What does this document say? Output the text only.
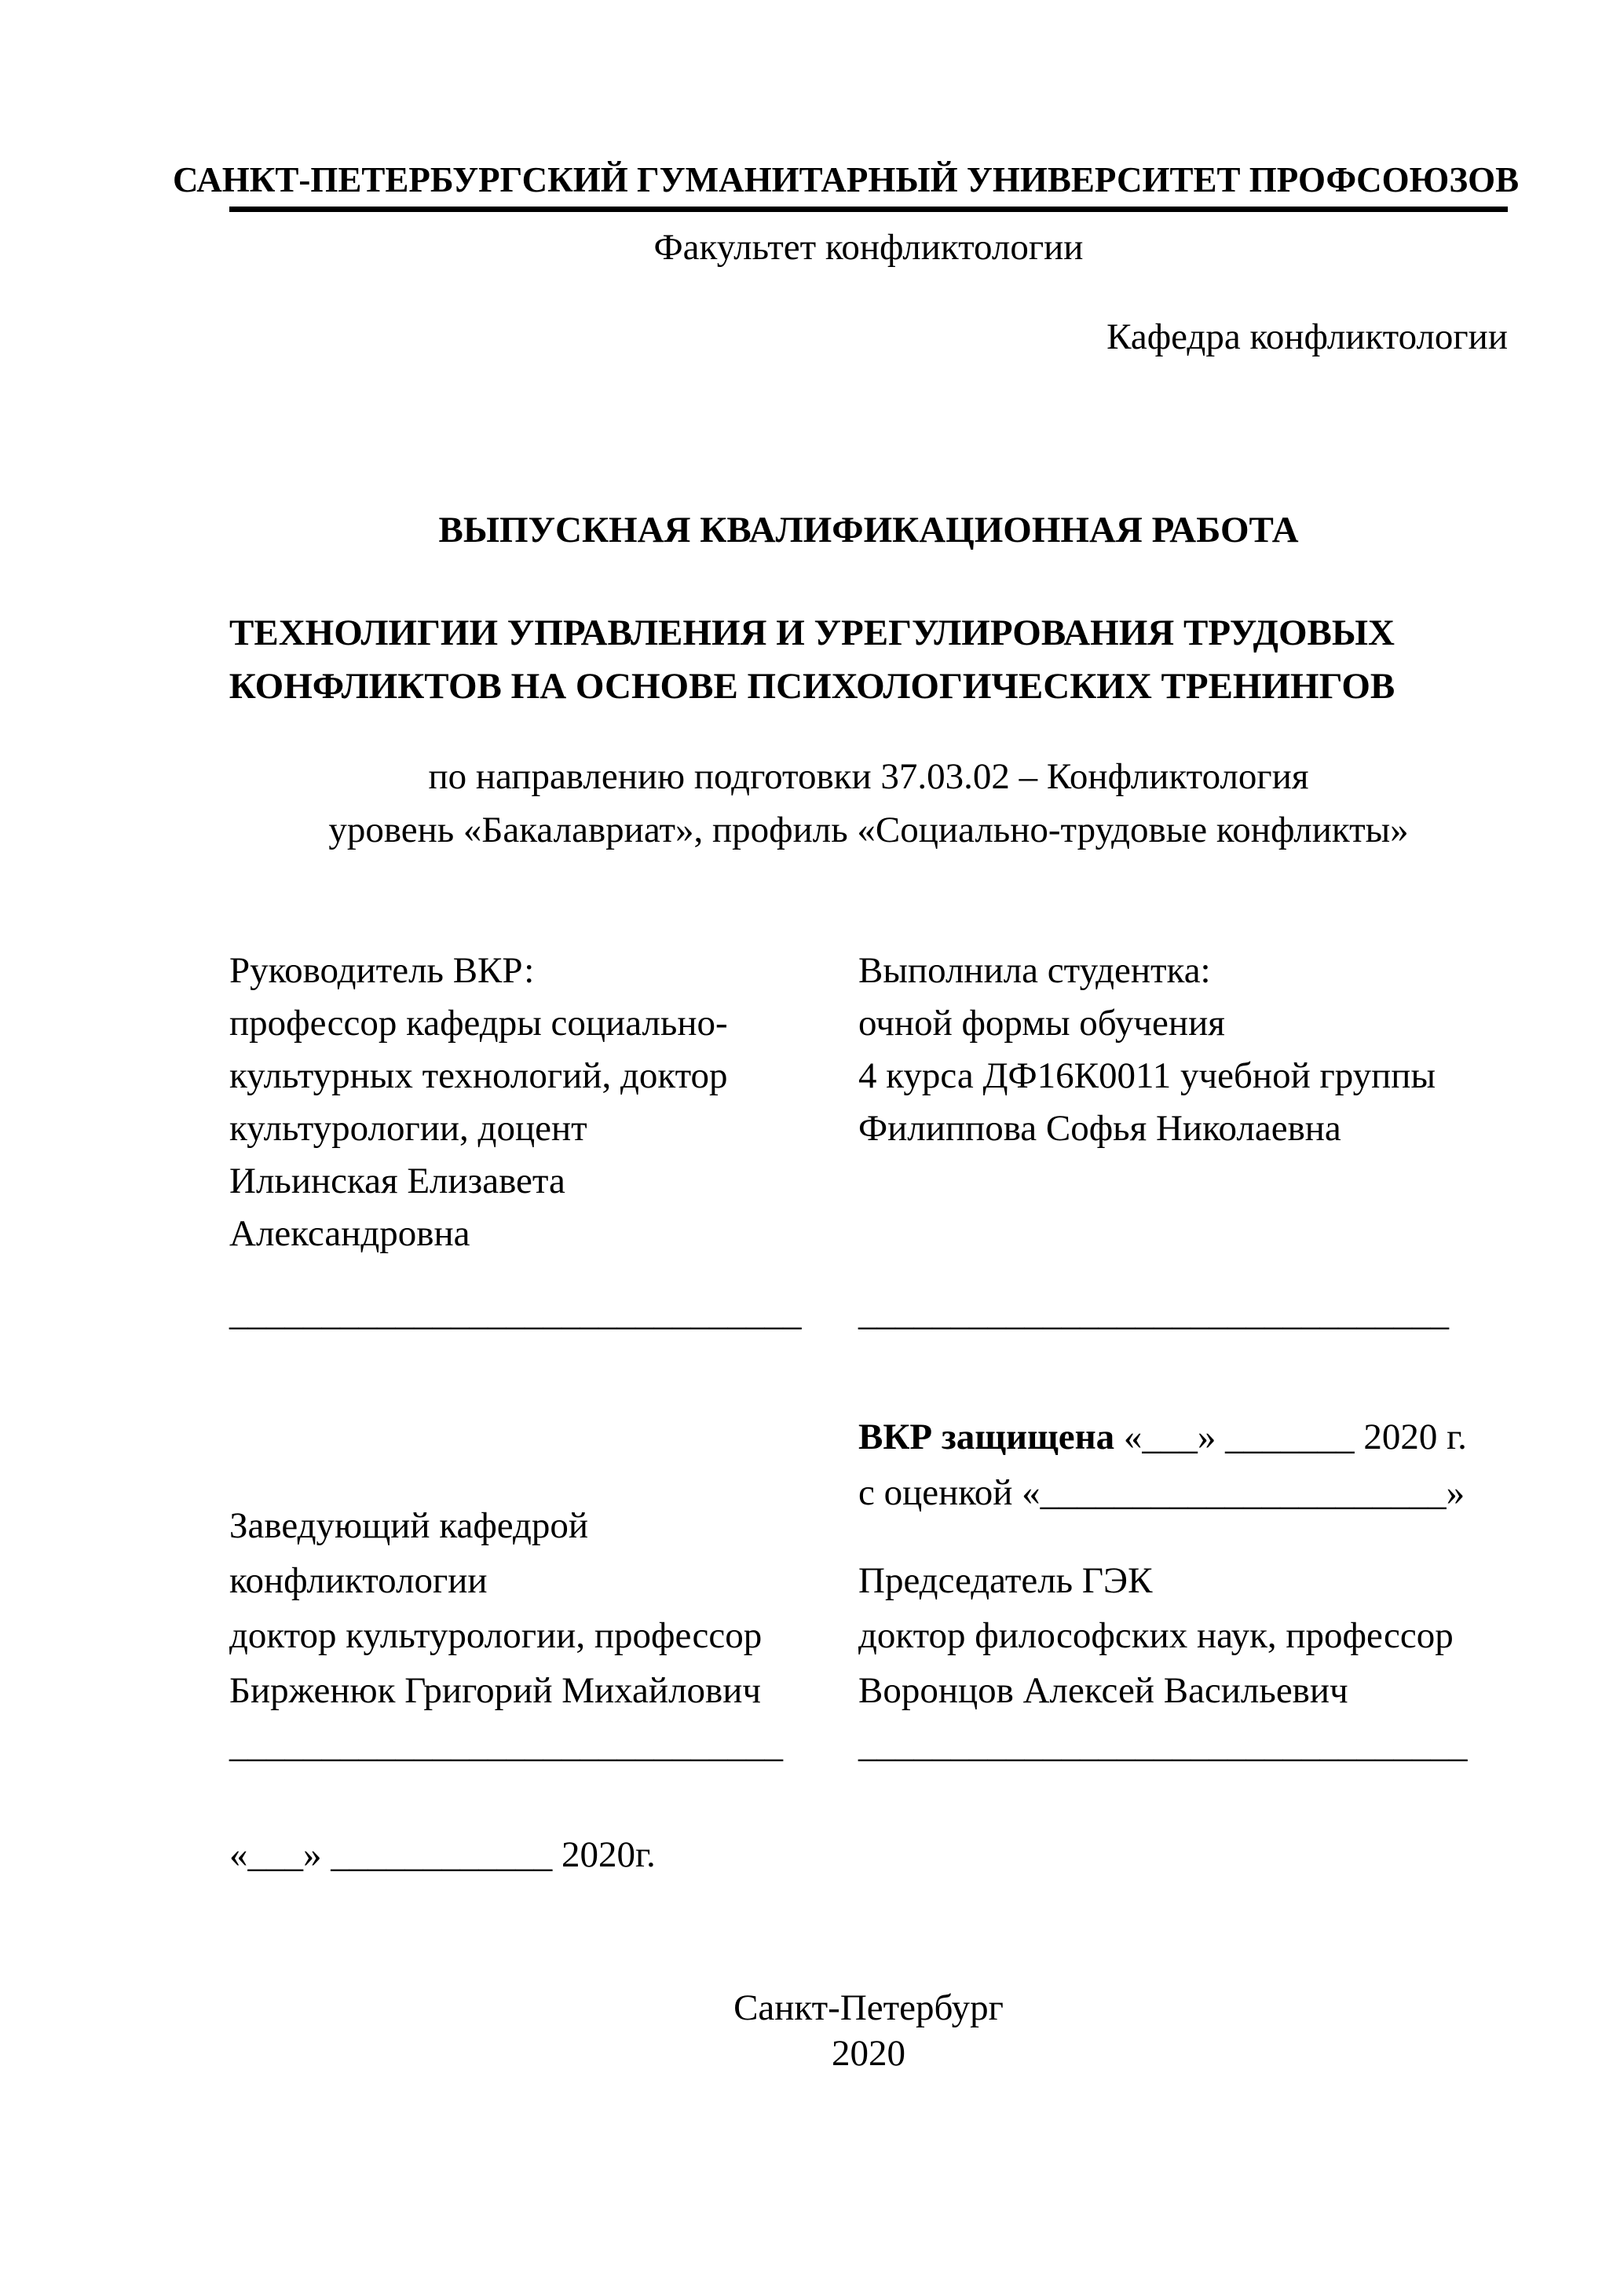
САНКТ-ПЕТЕРБУРГСКИЙ ГУМАНИТАРНЫЙ УНИВЕРСИТЕТ ПРОФСОЮЗОВ
Факультет конфликтологии
Кафедра конфликтологии
ВЫПУСКНАЯ КВАЛИФИКАЦИОННАЯ РАБОТА
ТЕХНОЛИГИИ УПРАВЛЕНИЯ И УРЕГУЛИРОВАНИЯ ТРУДОВЫХ
КОНФЛИКТОВ НА ОСНОВЕ ПСИХОЛОГИЧЕСКИХ ТРЕНИНГОВ
по направлению подготовки 37.03.02 – Конфликтология
уровень «Бакалавриат», профиль «Социально-трудовые конфликты»
Руководитель ВКР:
профессор кафедры социально-
культурных технологий, доктор
культурологии, доцент
Ильинская Елизавета
Александровна
Выполнила студентка:
очной формы обучения
4 курса ДФ16К0011 учебной группы
Филиппова Софья Николаевна
_______________________________ ________________________________
ВКР защищена «___» _______ 2020 г.
с оценкой «______________________»
Заведующий кафедрой
конфликтологии
доктор культурологии, профессор
Бирженюк Григорий Михайлович
Председатель ГЭК
доктор философских наук, профессор
Воронцов Алексей Васильевич
______________________________ _________________________________
«___» ____________ 2020г.
Санкт-Петербург
2020
